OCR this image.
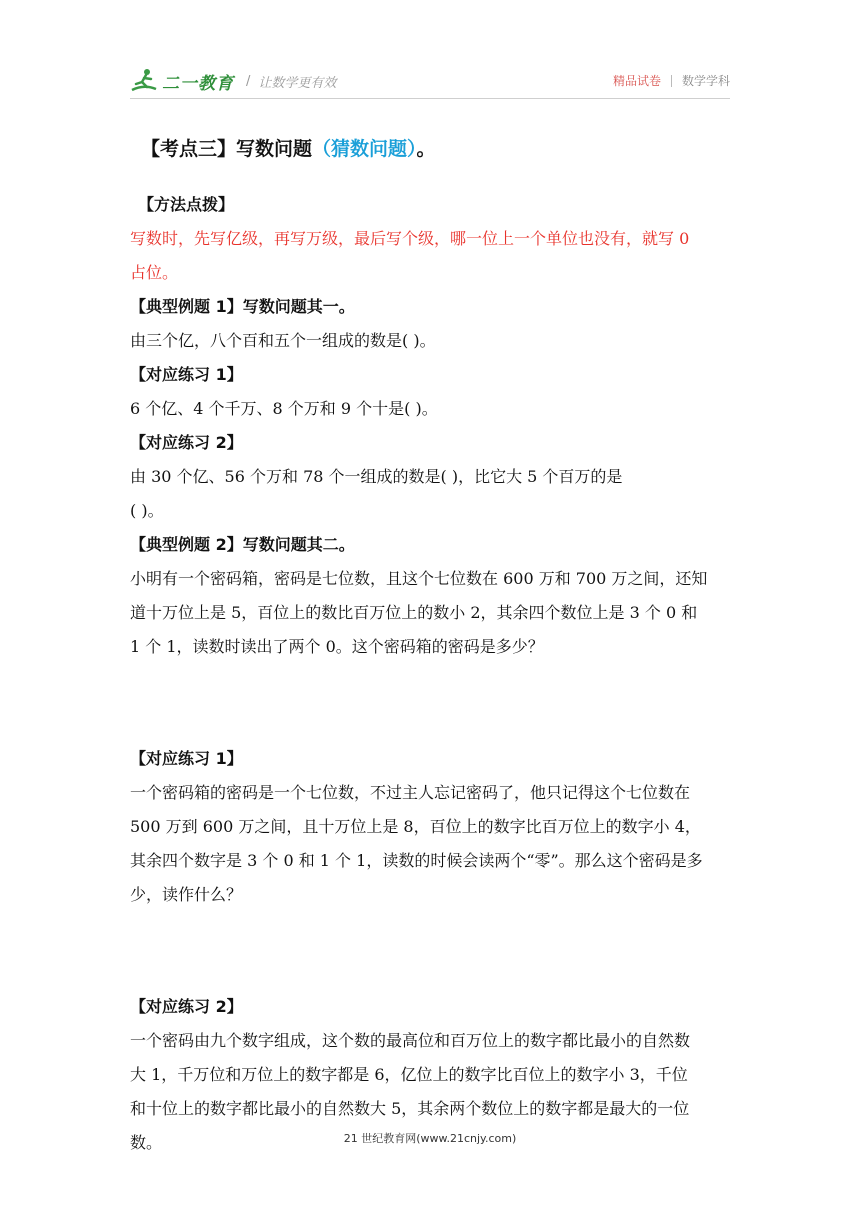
二一教育 / 让数学更有效	精品试卷 数学学科

【考点三】写数问题（猜数问题）。

【方法点拨】

写数时，先写亿级，再写万级，最后写个级，哪一位上一个单位也没有，就写 0

占位。

【典型例题 1】写数问题其一。

由三个亿，八个百和五个一组成的数是( )。

【对应练习 1】

6 个亿、4 个千万、8 个万和 9 个十是( )。

【对应练习 2】

由 30 个亿、56 个万和 78 个一组成的数是( )，比它大 5 个百万的是

( )。

【典型例题 2】写数问题其二。

小明有一个密码箱，密码是七位数，且这个七位数在 600 万和 700 万之间，还知

道十万位上是 5，百位上的数比百万位上的数小 2，其余四个数位上是 3 个 0 和

1 个 1，读数时读出了两个 0。这个密码箱的密码是多少？

【对应练习 1】

一个密码箱的密码是一个七位数，不过主人忘记密码了，他只记得这个七位数在

500 万到 600 万之间，且十万位上是 8，百位上的数字比百万位上的数字小 4，

其余四个数字是 3 个 0 和 1 个 1，读数的时候会读两个“零”。那么这个密码是多

少，读作什么？

【对应练习 2】

一个密码由九个数字组成，这个数的最高位和百万位上的数字都比最小的自然数

大 1，千万位和万位上的数字都是 6，亿位上的数字比百位上的数字小 3，千位

和十位上的数字都比最小的自然数大 5，其余两个数位上的数字都是最大的一位

数。	21 世纪教育网(www.21cnjy.com)
